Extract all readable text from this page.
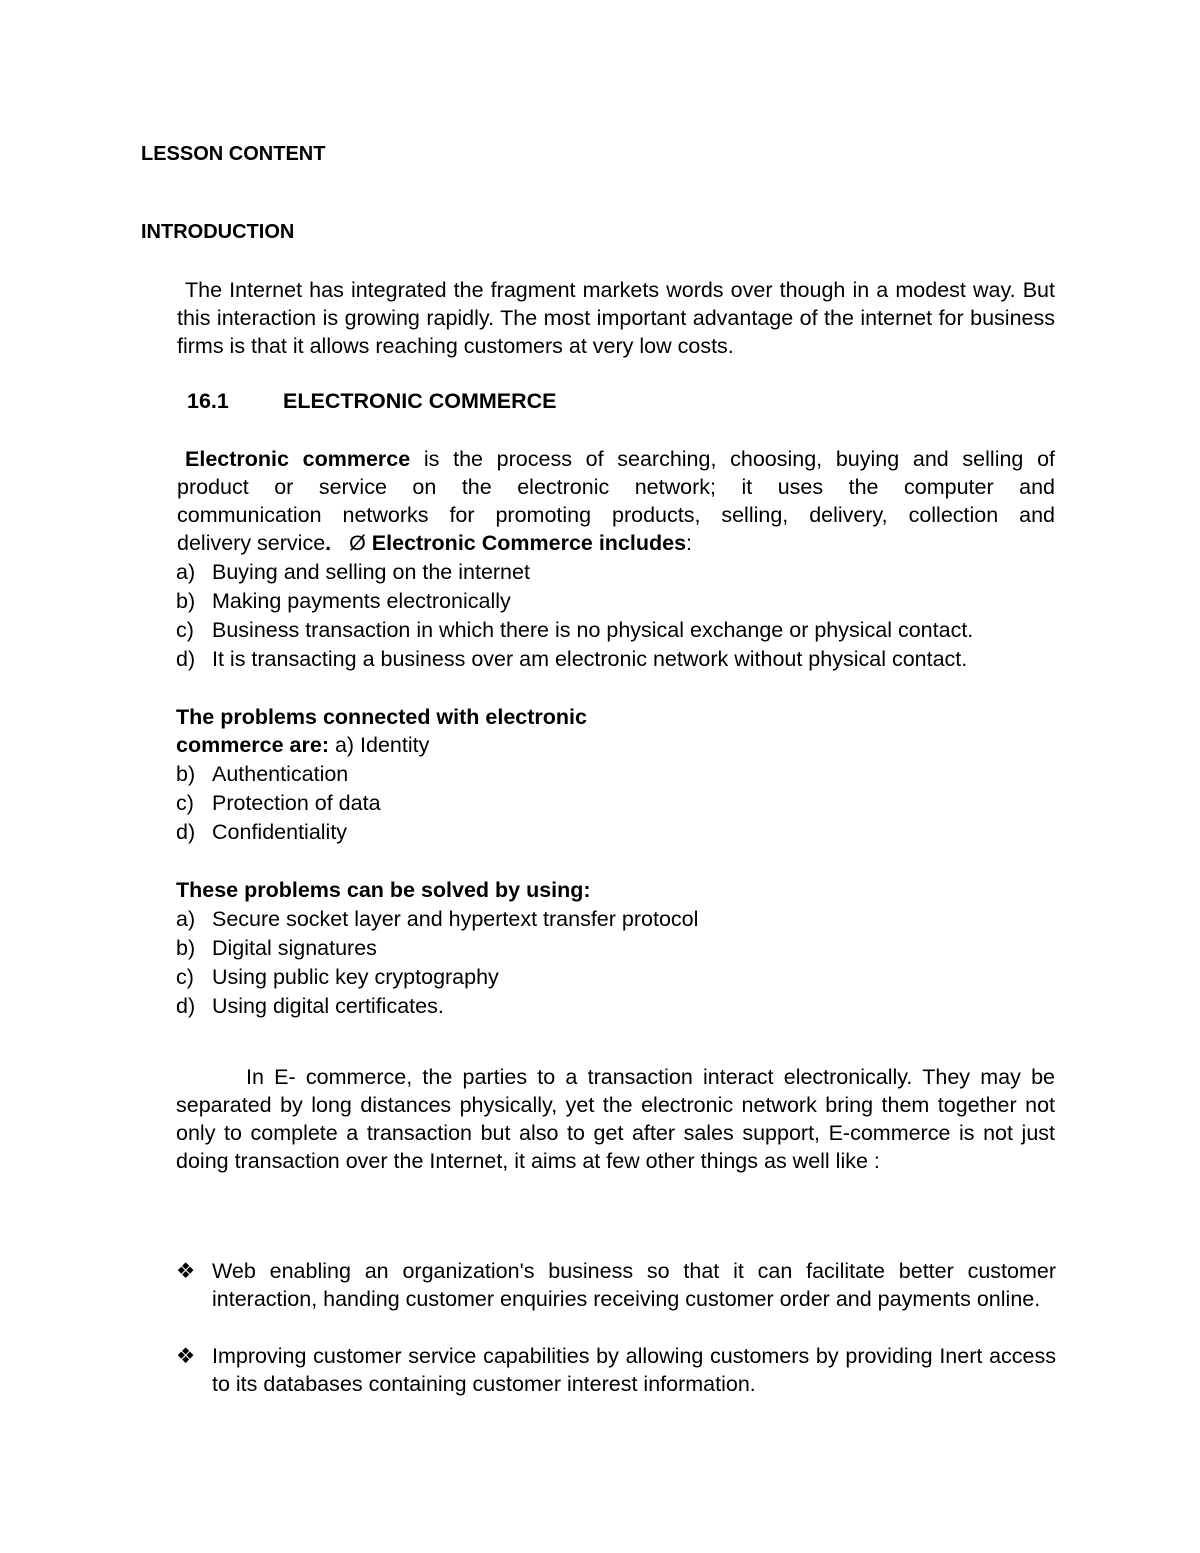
LESSON CONTENT
INTRODUCTION

The Internet has integrated the fragment markets words over though in a modest way. But this interaction is growing rapidly. The most important advantage of the internet for business firms is that it allows reaching customers at very low costs.

16.1	ELECTRONIC COMMERCE
Electronic commerce is the process of searching, choosing, buying and selling of
product or service on the electronic network; it uses the computer and
communication networks for promoting products, selling, delivery, collection and
delivery service. Ø Electronic Commerce includes:
a) Buying and selling on the internet
b) Making payments electronically
c) Business transaction in which there is no physical exchange or physical contact.
d) It is transacting a business over am electronic network without physical contact.
The problems connected with electronic
commerce are: a) Identity
b) Authentication
c) Protection of data
d) Confidentiality
These problems can be solved by using:
a) Secure socket layer and hypertext transfer protocol
b) Digital signatures
c) Using public key cryptography
d) Using digital certificates.

In E- commerce, the parties to a transaction interact electronically. They may be separated by long distances physically, yet the electronic network bring them together not only to complete a transaction but also to get after sales support, E-commerce is not just doing transaction over the Internet, it aims at few other things as well like :

❖ Web enabling an organization's business so that it can facilitate better customer interaction, handing customer enquiries receiving customer order and payments online.
❖ Improving customer service capabilities by allowing customers by providing Inert access to its databases containing customer interest information.
